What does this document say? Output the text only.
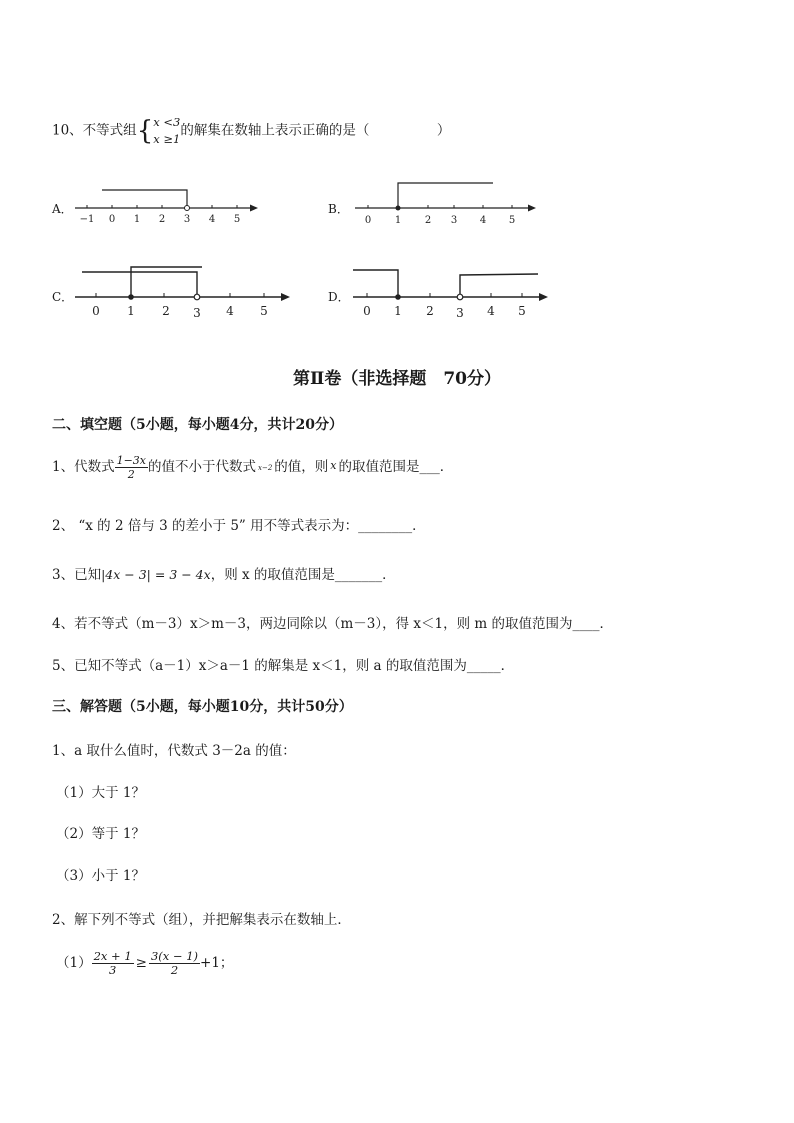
10、不等式组{ x <3
x ≥1
的解集在数轴上表示正确的是（　　　　　）
A．
−1 0 1 2 3 4 5
B．
0 1 2 3 4 5
C．
0 1 2 3 4 5
D．
0 1 2 3 4 5
第Ⅱ卷（非选择题　70分）
二、填空题（5小题，每小题4分，共计20分）
1、代数式 $\frac{1-3x}{2}$ 的值不小于代数式 x−2 的值，则 x 的取值范围是___．
2、 “x 的 2 倍与 3 的差小于 5” 用不等式表示为：________．
3、已知|4x − 3| = 3 − 4x，则 x 的取值范围是_______．
4、若不等式（m－3）x＞m－3，两边同除以（m－3），得 x＜1，则 m 的取值范围为____．
5、已知不等式（a－1）x＞a－1 的解集是 x＜1，则 a 的取值范围为_____．
三、解答题（5小题，每小题10分，共计50分）
1、a 取什么值时，代数式 3－2a 的值：
（1）大于 1？
（2）等于 1？
（3）小于 1？
2、解下列不等式（组），并把解集表示在数轴上．
$(1) \frac{2x + 1}{3} \ge \frac{3(x - 1)}{2} +1$；
